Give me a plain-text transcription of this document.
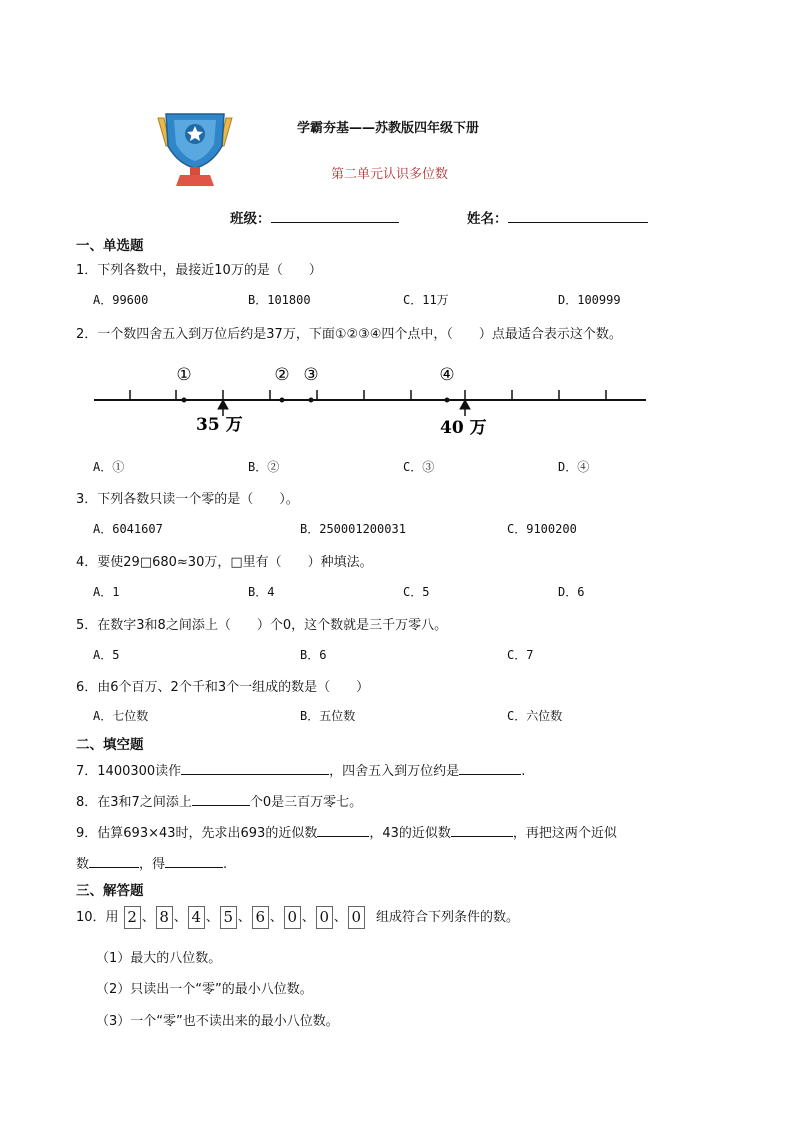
学霸夯基——苏教版四年级下册
第二单元认识多位数
班级：	姓名：
一、单选题
1．下列各数中，最接近10万的是（　　）
A．99600	B．101800	C．11万	D．100999
2．一个数四舍五入到万位后约是37万，下面①②③④四个点中，（　　）点最适合表示这个数。
①	② ③	④
35 万	40 万
A．①	B．②	C．③	D．④
3．下列各数只读一个零的是（　　）。
A．6041607	B．250001200031	C．9100200
4．要使29□680≈30万，□里有（　　）种填法。
A．1	B．4	C．5	D．6
5．在数字3和8之间添上（　　）个0，这个数就是三千万零八。
A．5	B．6	C．7
6．由6个百万、2个千和3个一组成的数是（　　）
A．七位数	B．五位数	C．六位数
二、填空题
7．1400300读作	，四舍五入到万位约是	.
8．在3和7之间添上	个0是三百万零七。
9．估算693×43时，先求出693的近似数	，43的近似数	，再把这两个近似
数	，得	.
三、解答题
10．用 2 、 8 、 4 、 5 、 6 、 0 、 0 、 0 组成符合下列条件的数。
（1）最大的八位数。
（2）只读出一个“零”的最小八位数。
（3）一个“零”也不读出来的最小八位数。
